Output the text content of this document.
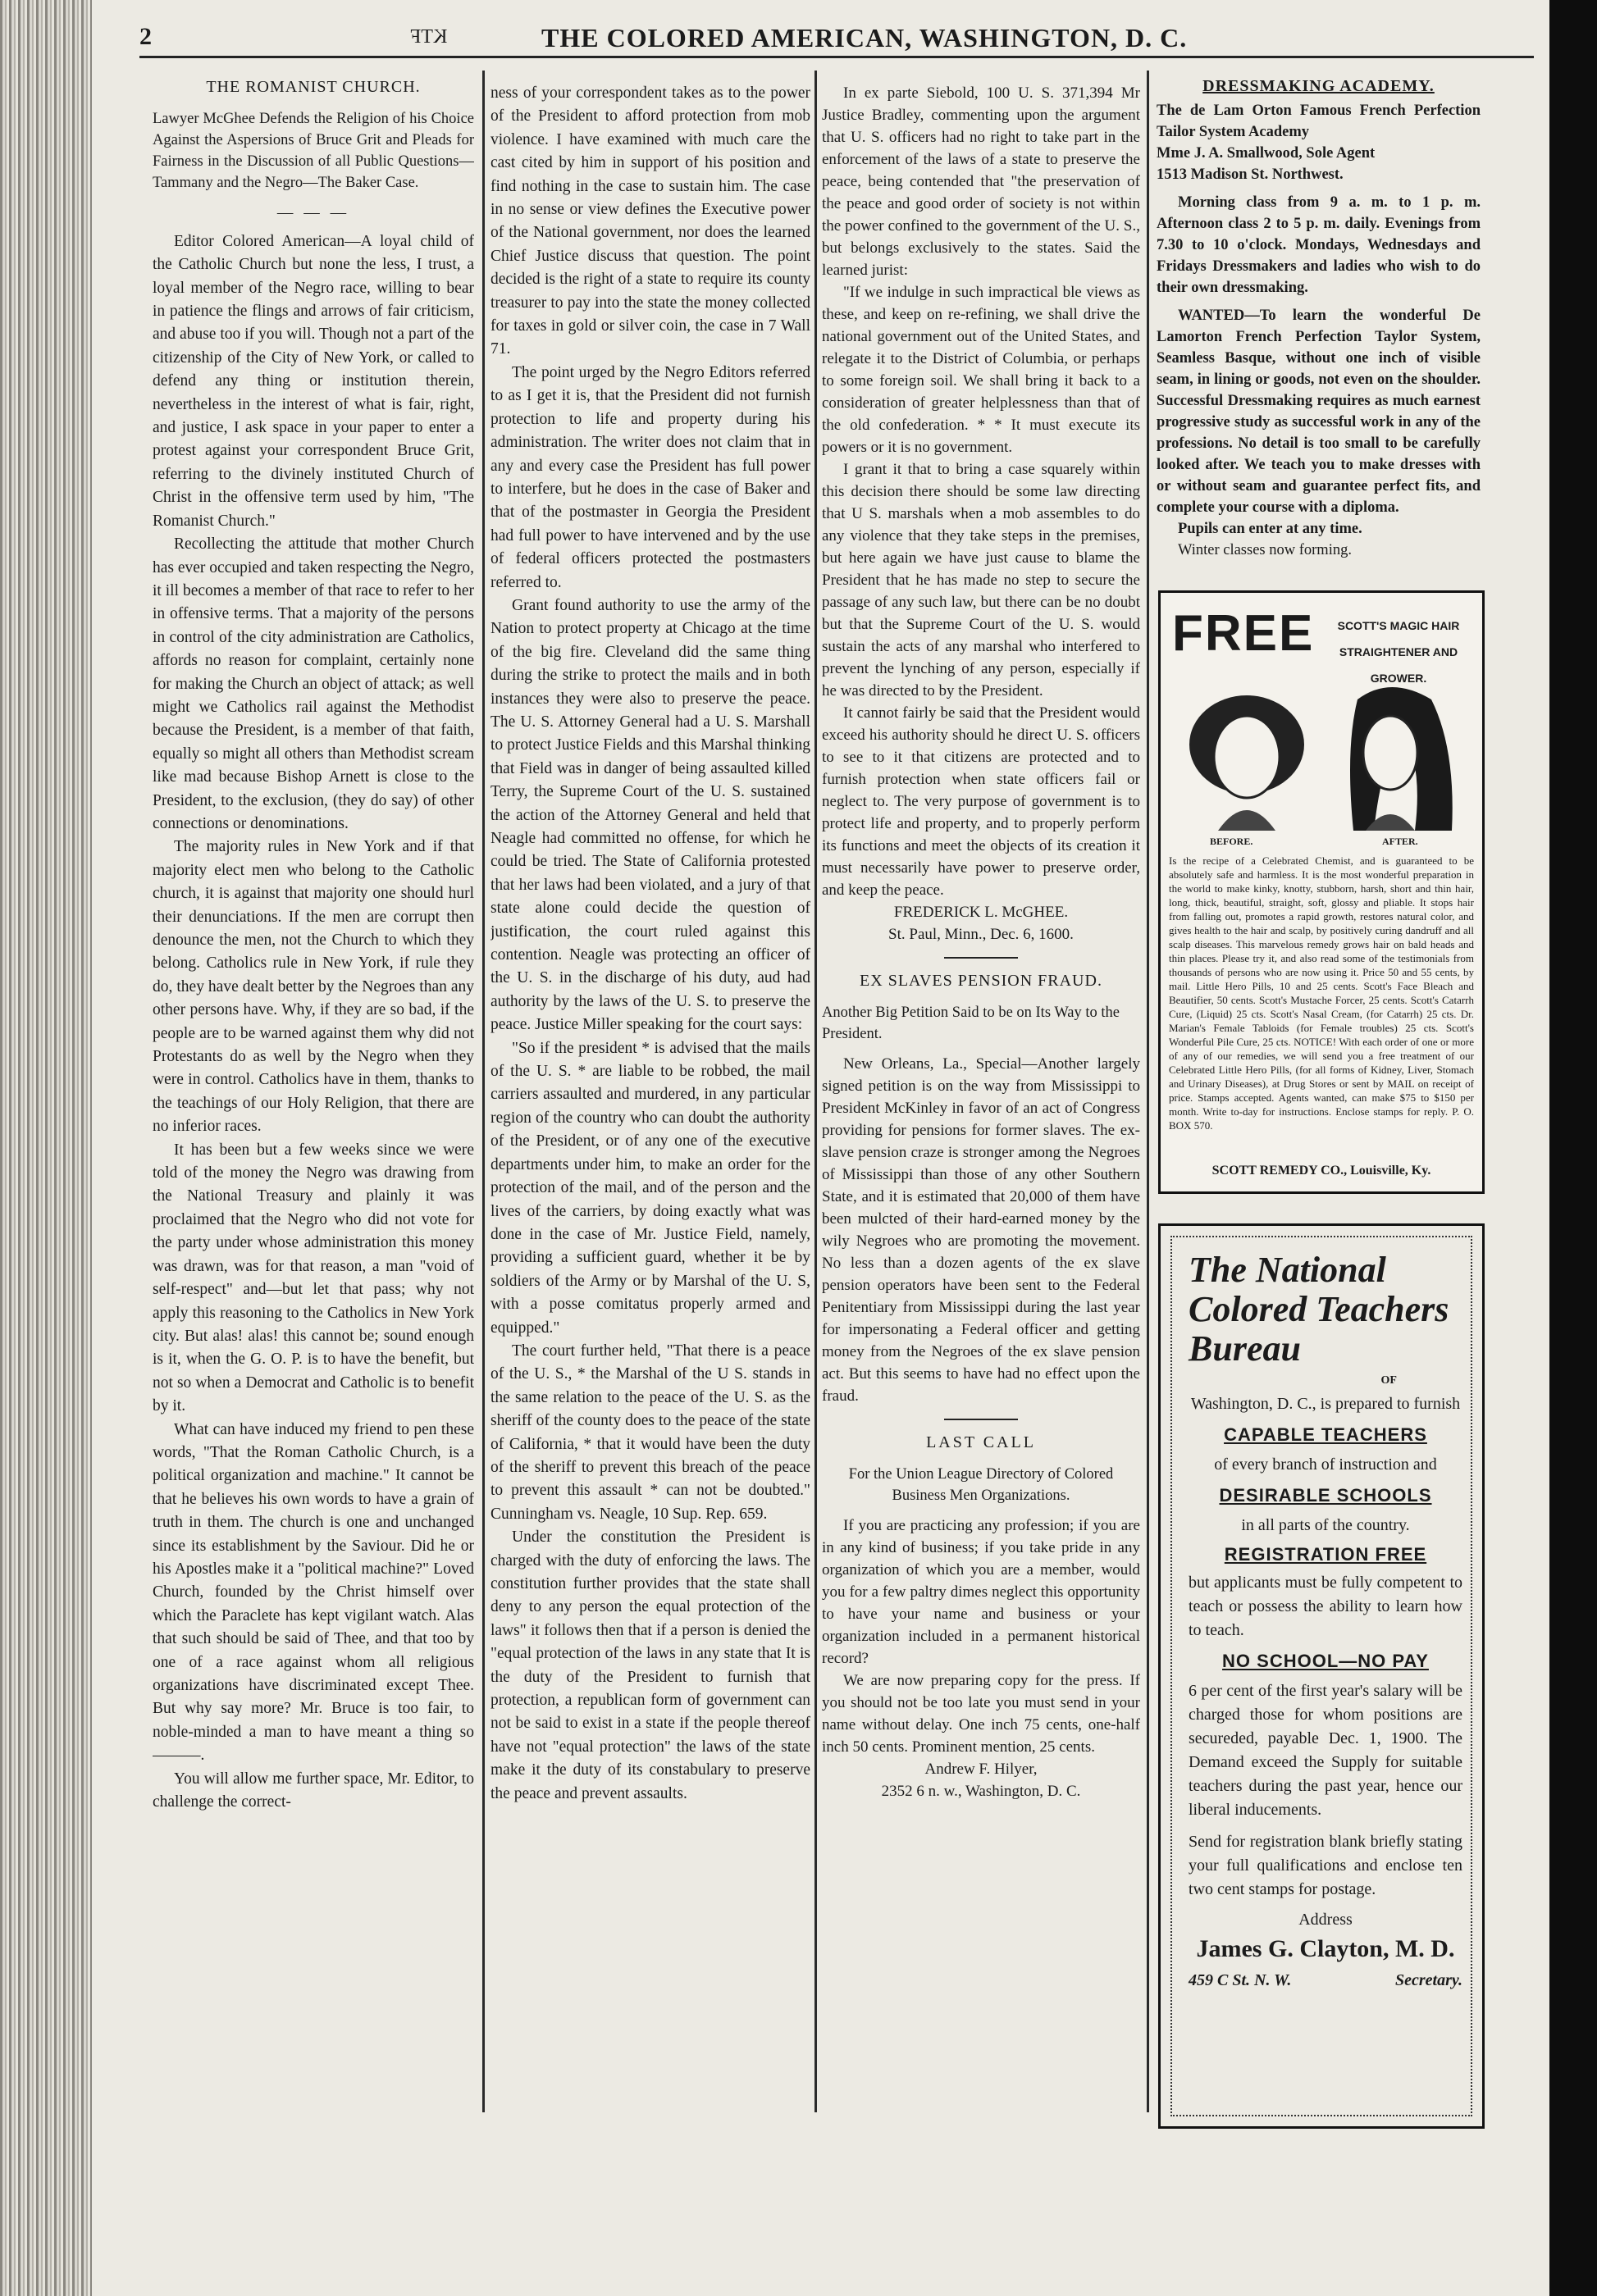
2	KTF	THE COLORED AMERICAN, WASHINGTON, D. C.
THE ROMANIST CHURCH.

Lawyer McGhee Defends the Religion of his Choice Against the Aspersions of Bruce Grit and Pleads for Fairness in the Discussion of all Public Questions—Tammany and the Negro—The Baker Case.

— — —

Editor Colored American—A loyal child of the Catholic Church but none the less, I trust, a loyal member of the Negro race, willing to bear in patience the flings and arrows of fair criticism, and abuse too if you will. Though not a part of the citizenship of the City of New York, or called to defend any thing or institution therein, nevertheless in the interest of what is fair, right, and justice, I ask space in your paper to enter a protest against your correspondent Bruce Grit, referring to the divinely instituted Church of Christ in the offensive term used by him, "The Romanist Church."

Recollecting the attitude that mother Church has ever occupied and taken respecting the Negro, it ill becomes a member of that race to refer to her in offensive terms. That a majority of the persons in control of the city administration are Catholics, affords no reason for complaint, certainly none for making the Church an object of attack; as well might we Catholics rail against the Methodist because the President, is a member of that faith, equally so might all others than Methodist scream like mad because Bishop Arnett is close to the President, to the exclusion, (they do say) of other connections or denominations.

The majority rules in New York and if that majority elect men who belong to the Catholic church, it is against that majority one should hurl their denunciations. If the men are corrupt then denounce the men, not the Church to which they belong. Catholics rule in New York, if rule they do, they have dealt better by the Negroes than any other persons have. Why, if they are so bad, if the people are to be warned against them why did not Protestants do as well by the Negro when they were in control. Catholics have in them, thanks to the teachings of our Holy Religion, that there are no inferior races.

It has been but a few weeks since we were told of the money the Negro was drawing from the National Treasury and plainly it was proclaimed that the Negro who did not vote for the party under whose administration this money was drawn, was for that reason, a man "void of self-respect" and—but let that pass; why not apply this reasoning to the Catholics in New York city. But alas! alas! this cannot be; sound enough is it, when the G. O. P. is to have the benefit, but not so when a Democrat and Catholic is to benefit by it.

What can have induced my friend to pen these words, "That the Roman Catholic Church, is a political organization and machine." It cannot be that he believes his own words to have a grain of truth in them. The church is one and unchanged since its establishment by the Saviour. Did he or his Apostles make it a "political machine?" Loved Church, founded by the Christ himself over which the Paraclete has kept vigilant watch. Alas that such should be said of Thee, and that too by one of a race against whom all religious organizations have discriminated except Thee. But why say more? Mr. Bruce is too fair, to noble-minded a man to have meant a thing so———.

You will allow me further space, Mr. Editor, to challenge the correct-

ness of your correspondent takes as to the power of the President to afford protection from mob violence. I have examined with much care the cast cited by him in support of his position and find nothing in the case to sustain him. The case in no sense or view defines the Executive power of the National government, nor does the learned Chief Justice discuss that question. The point decided is the right of a state to require its county treasurer to pay into the state the money collected for taxes in gold or silver coin, the case in 7 Wall 71.

The point urged by the Negro Editors referred to as I get it is, that the President did not furnish protection to life and property during his administration. The writer does not claim that in any and every case the President has full power to interfere, but he does in the case of Baker and that of the postmaster in Georgia the President had full power to have intervened and by the use of federal officers protected the postmasters referred to.

Grant found authority to use the army of the Nation to protect property at Chicago at the time of the big fire. Cleveland did the same thing during the strike to protect the mails and in both instances they were also to preserve the peace. The U. S. Attorney General had a U. S. Marshall to protect Justice Fields and this Marshal thinking that Field was in danger of being assaulted killed Terry, the Supreme Court of the U. S. sustained the action of the Attorney General and held that Neagle had committed no offense, for which he could be tried. The State of California protested that her laws had been violated, and a jury of that state alone could decide the question of justification, the court ruled against this contention. Neagle was protecting an officer of the U. S. in the discharge of his duty, aud had authority by the laws of the U. S. to preserve the peace. Justice Miller speaking for the court says:

"So if the president * is advised that the mails of the U. S. * are liable to be robbed, the mail carriers assaulted and murdered, in any particular region of the country who can doubt the authority of the President, or of any one of the executive departments under him, to make an order for the protection of the mail, and of the person and the lives of the carriers, by doing exactly what was done in the case of Mr. Justice Field, namely, providing a sufficient guard, whether it be by soldiers of the Army or by Marshal of the U. S, with a posse comitatus properly armed and equipped."

The court further held, "That there is a peace of the U. S., * the Marshal of the U S. stands in the same relation to the peace of the U. S. as the sheriff of the county does to the peace of the state of California, * that it would have been the duty of the sheriff to prevent this breach of the peace to prevent this assault * can not be doubted." Cunningham vs. Neagle, 10 Sup. Rep. 659.

Under the constitution the President is charged with the duty of enforcing the laws. The constitution further provides that the state shall deny to any person the equal protection of the laws" it follows then that if a person is denied the "equal protection of the laws in any state that It is the duty of the President to furnish that protection, a republican form of government can not be said to exist in a state if the people thereof have not "equal protection" the laws of the state make it the duty of its constabulary to preserve the peace and prevent assaults.

In ex parte Siebold, 100 U. S. 371,394 Mr Justice Bradley, commenting upon the argument that U. S. officers had no right to take part in the enforcement of the laws of a state to preserve the peace, being contended that "the preservation of the peace and good order of society is not within the power confined to the government of the U. S., but belongs exclusively to the states. Said the learned jurist:

"If we indulge in such impractical ble views as these, and keep on re-refining, we shall drive the national government out of the United States, and relegate it to the District of Columbia, or perhaps to some foreign soil. We shall bring it back to a consideration of greater helplessness than that of the old confederation. * * It must execute its powers or it is no government.

I grant it that to bring a case squarely within this decision there should be some law directing that U S. marshals when a mob assembles to do any violence that they take steps in the premises, but here again we have just cause to blame the President that he has made no step to secure the passage of any such law, but there can be no doubt but that the Supreme Court of the U. S. would sustain the acts of any marshal who interfered to prevent the lynching of any person, especially if he was directed to by the President.

It cannot fairly be said that the President would exceed his authority should he direct U. S. officers to see to it that citizens are protected and to furnish protection when state officers fail or neglect to. The very purpose of government is to protect life and property, and to properly perform its functions and meet the objects of its creation it must necessarily have power to preserve order, and keep the peace.

FREDERICK L. McGHEE.

St. Paul, Minn., Dec. 6, 1600.

EX SLAVES PENSION FRAUD.

Another Big Petition Said to be on Its Way to the President.

New Orleans, La., Special—Another largely signed petition is on the way from Mississippi to President McKinley in favor of an act of Congress providing for pensions for former slaves. The ex-slave pension craze is stronger among the Negroes of Mississippi than those of any other Southern State, and it is estimated that 20,000 of them have been mulcted of their hard-earned money by the wily Negroes who are promoting the movement. No less than a dozen agents of the ex slave pension operators have been sent to the Federal Penitentiary from Mississippi during the last year for impersonating a Federal officer and getting money from the Negroes of the ex slave pension act. But this seems to have had no effect upon the fraud.

LAST CALL

For the Union League Directory of Colored Business Men Organizations.

If you are practicing any profession; if you are in any kind of business; if you take pride in any organization of which you are a member, would you for a few paltry dimes neglect this opportunity to have your name and business or your organization included in a permanent historical record?

We are now preparing copy for the press. If you should not be too late you must send in your name without delay. One inch 75 cents, one-half inch 50 cents. Prominent mention, 25 cents.

Andrew F. Hilyer,

2352 6 n. w., Washington, D. C.

DRESSMAKING ACADEMY.

The de Lam Orton Famous French Perfection Tailor System Academy

Mme J. A. Smallwood, Sole Agent

1513 Madison St. Northwest.

Morning class from 9 a. m. to 1 p. m. Afternoon class 2 to 5 p. m. daily. Evenings from 7.30 to 10 o'clock. Mondays, Wednesdays and Fridays Dressmakers and ladies who wish to do their own dressmaking.

WANTED—To learn the wonderful De Lamorton French Perfection Taylor System, Seamless Basque, without one inch of visible seam, in lining or goods, not even on the shoulder. Successful Dressmaking requires as much earnest progressive study as successful work in any of the professions. No detail is too small to be carefully looked after. We teach you to make dresses with or without seam and guarantee perfect fits, and complete your course with a diploma.

Pupils can enter at any time.

Winter classes now forming.

FREE	SCOTT'S MAGIC HAIR STRAIGHTENER AND GROWER.
BEFORE.	AFTER.
Is the recipe of a Celebrated Chemist, and is guaranteed to be absolutely safe and harmless. It is the most wonderful preparation in the world to make kinky, knotty, stubborn, harsh, short and thin hair, long, thick, beautiful, straight, soft, glossy and pliable. It stops hair from falling out, promotes a rapid growth, restores natural color, and gives health to the hair and scalp, by positively curing dandruff and all scalp diseases. This marvelous remedy grows hair on bald heads and thin places. Please try it, and also read some of the testimonials from thousands of persons who are now using it. Price 50 and 55 cents, by mail. Little Hero Pills, 10 and 25 cents. Scott's Face Bleach and Beautifier, 50 cents. Scott's Mustache Forcer, 25 cents. Scott's Catarrh Cure, (Liquid) 25 cts. Scott's Nasal Cream, (for Catarrh) 25 cts. Dr. Marian's Female Tabloids (for Female troubles) 25 cts. Scott's Wonderful Pile Cure, 25 cts. NOTICE! With each order of one or more of any of our remedies, we will send you a free treatment of our Celebrated Little Hero Pills, (for all forms of Kidney, Liver, Stomach and Urinary Diseases), at Drug Stores or sent by MAIL on receipt of price. Stamps accepted. Agents wanted, can make $75 to $150 per month. Write to-day for instructions. Enclose stamps for reply. P. O. BOX 570.
SCOTT REMEDY CO., Louisville, Ky.
The National Colored Teachers Bureau
OF
Washington, D. C., is prepared to furnish
CAPABLE TEACHERS
of every branch of instruction and
DESIRABLE SCHOOLS
in all parts of the country.
REGISTRATION FREE
but applicants must be fully competent to teach or possess the ability to learn how to teach.
NO SCHOOL—NO PAY
6 per cent of the first year's salary will be charged those for whom positions are secureded, payable Dec. 1, 1900. The Demand exceed the Supply for suitable teachers during the past year, hence our liberal inducements.
Send for registration blank briefly stating your full qualifications and enclose ten two cent stamps for postage.
Address
James G. Clayton, M. D.
459 C St. N. W.	Secretary.
